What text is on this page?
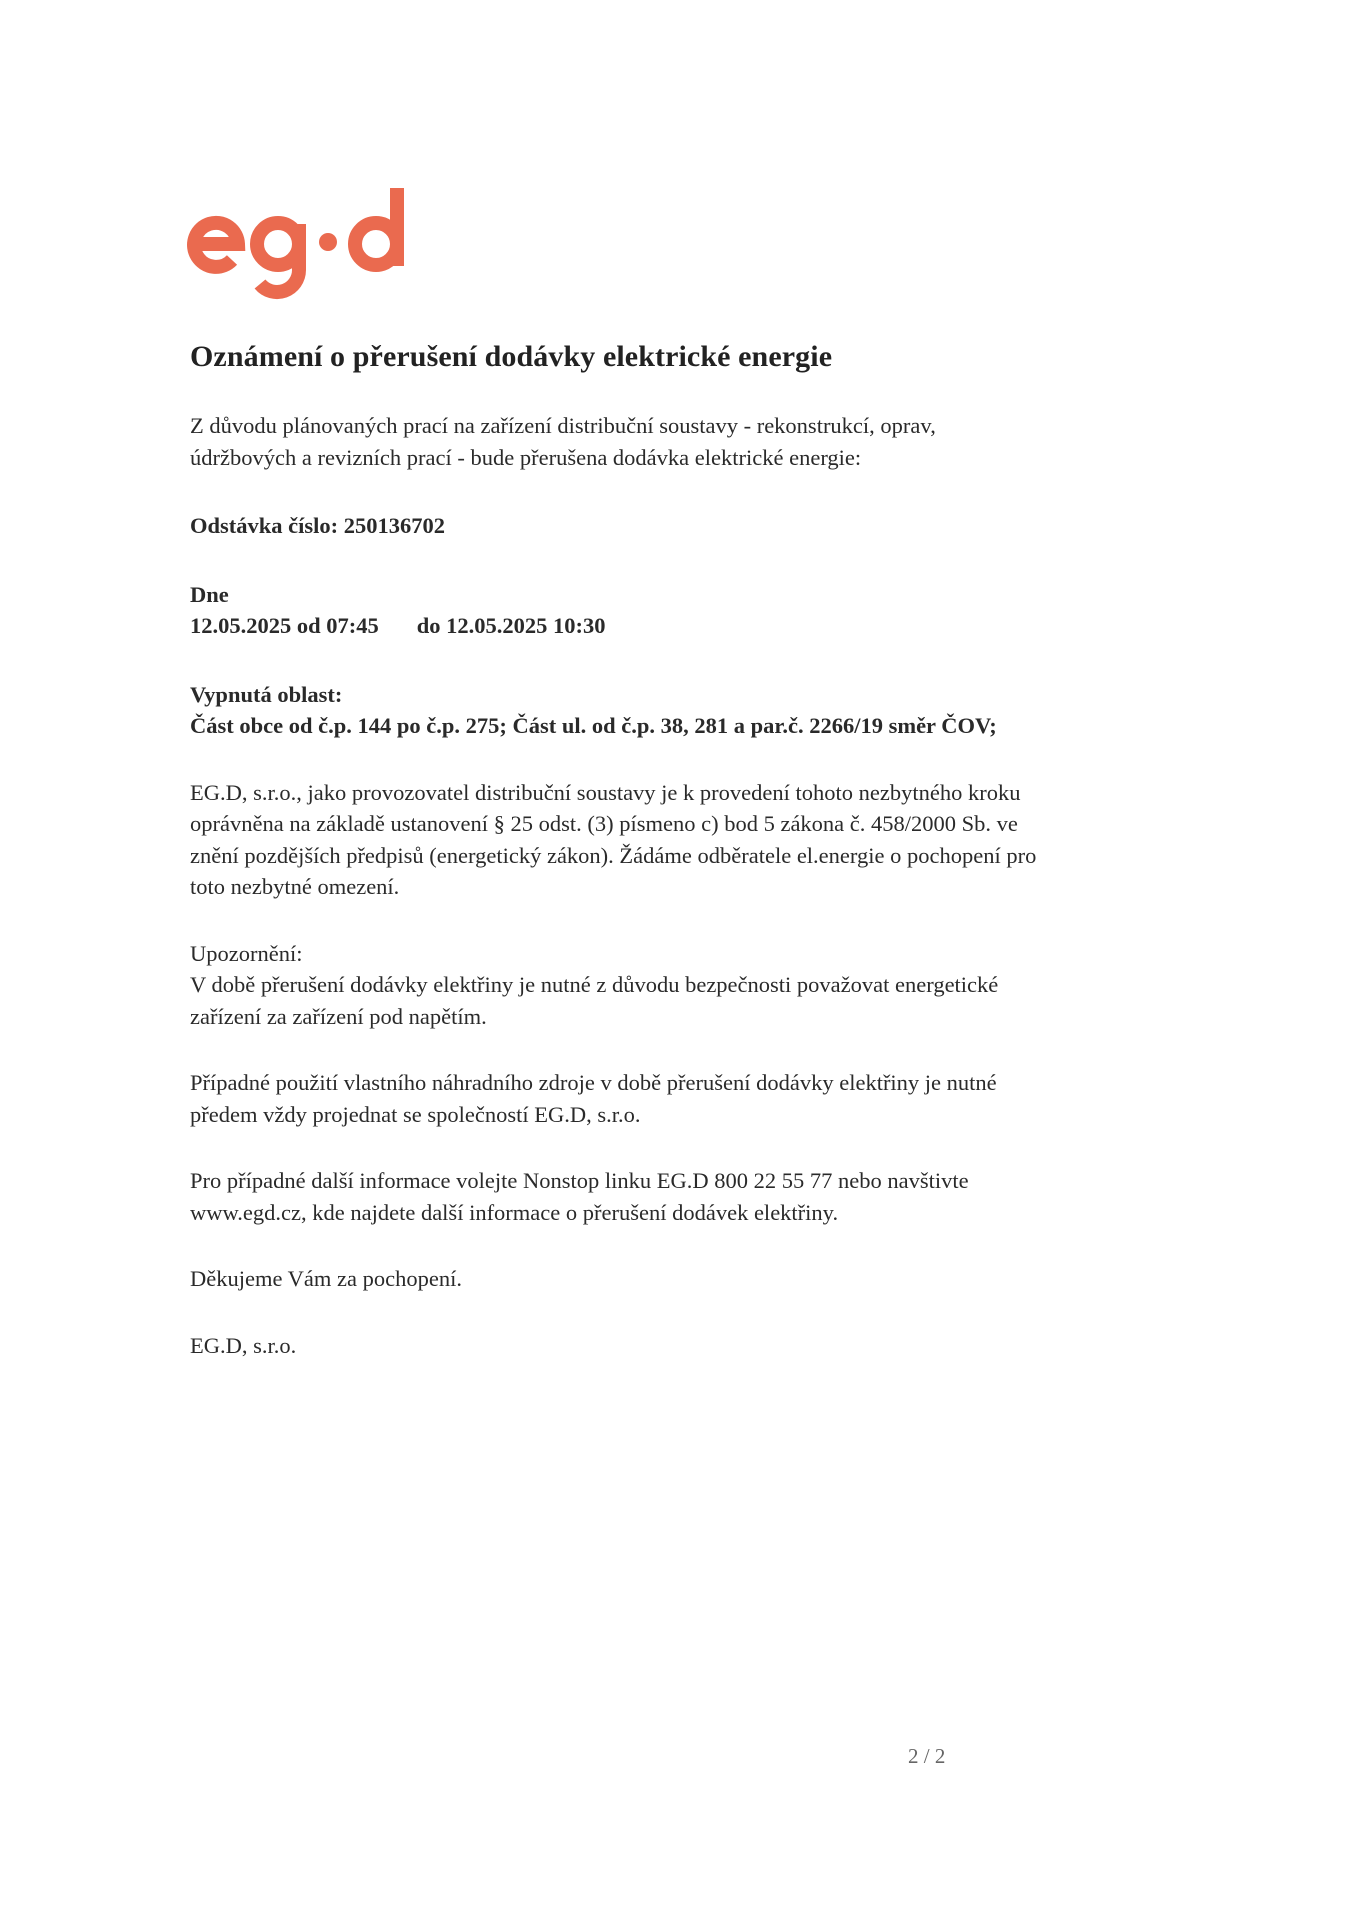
Oznámení o přerušení dodávky elektrické energie

Z důvodu plánovaných prací na zařízení distribuční soustavy - rekonstrukcí, oprav,

údržbových a revizních prací - bude přerušena dodávka elektrické energie:

Odstávka číslo: 250136702

Dne

12.05.2025 od 07:45 do 12.05.2025 10:30

Vypnutá oblast:

Část obce od č.p. 144 po č.p. 275; Část ul. od č.p. 38, 281 a par.č. 2266/19 směr ČOV;

EG.D, s.r.o., jako provozovatel distribuční soustavy je k provedení tohoto nezbytného kroku

oprávněna na základě ustanovení § 25 odst. (3) písmeno c) bod 5 zákona č. 458/2000 Sb. ve

znění pozdějších předpisů (energetický zákon). Žádáme odběratele el.energie o pochopení pro

toto nezbytné omezení.

Upozornění:

V době přerušení dodávky elektřiny je nutné z důvodu bezpečnosti považovat energetické

zařízení za zařízení pod napětím.

Případné použití vlastního náhradního zdroje v době přerušení dodávky elektřiny je nutné

předem vždy projednat se společností EG.D, s.r.o.

Pro případné další informace volejte Nonstop linku EG.D 800 22 55 77 nebo navštivte

www.egd.cz, kde najdete další informace o přerušení dodávek elektřiny.

Děkujeme Vám za pochopení.

EG.D, s.r.o.

2 / 2
